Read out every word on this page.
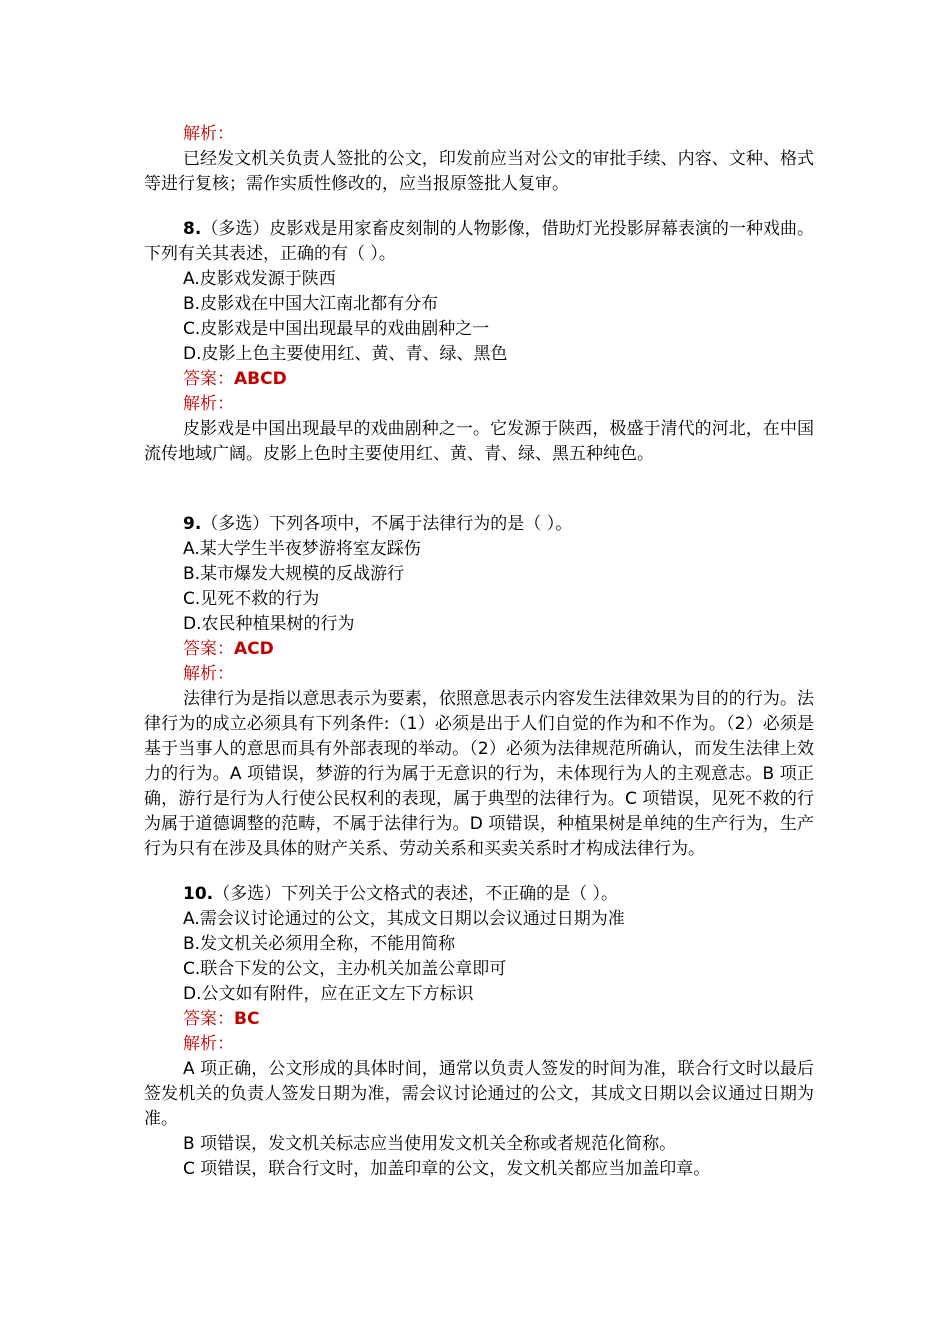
解析：
已经发文机关负责人签批的公文，印发前应当对公文的审批手续、内容、文种、格式等进行复核；需作实质性修改的，应当报原签批人复审。
8.（多选）皮影戏是用家畜皮刻制的人物影像，借助灯光投影屏幕表演的一种戏曲。下列有关其表述，正确的有（ ）。
A.皮影戏发源于陕西
B.皮影戏在中国大江南北都有分布
C.皮影戏是中国出现最早的戏曲剧种之一
D.皮影上色主要使用红、黄、青、绿、黑色
答案：ABCD
解析：
皮影戏是中国出现最早的戏曲剧种之一。它发源于陕西，极盛于清代的河北，在中国流传地域广阔。皮影上色时主要使用红、黄、青、绿、黑五种纯色。
9.（多选）下列各项中，不属于法律行为的是（ ）。
A.某大学生半夜梦游将室友踩伤
B.某市爆发大规模的反战游行
C.见死不救的行为
D.农民种植果树的行为
答案：ACD
解析：
法律行为是指以意思表示为要素，依照意思表示内容发生法律效果为目的的行为。法律行为的成立必须具有下列条件:（1）必须是出于人们自觉的作为和不作为。（2）必须是基于当事人的意思而具有外部表现的举动。（2）必须为法律规范所确认，而发生法律上效力的行为。A 项错误，梦游的行为属于无意识的行为，未体现行为人的主观意志。B 项正确，游行是行为人行使公民权利的表现，属于典型的法律行为。C 项错误，见死不救的行为属于道德调整的范畴，不属于法律行为。D 项错误，种植果树是单纯的生产行为，生产行为只有在涉及具体的财产关系、劳动关系和买卖关系时才构成法律行为。
10.（多选）下列关于公文格式的表述，不正确的是（ ）。
A.需会议讨论通过的公文，其成文日期以会议通过日期为准
B.发文机关必须用全称，不能用简称
C.联合下发的公文，主办机关加盖公章即可
D.公文如有附件，应在正文左下方标识
答案：BC
解析：
A 项正确，公文形成的具体时间，通常以负责人签发的时间为准，联合行文时以最后签发机关的负责人签发日期为准，需会议讨论通过的公文，其成文日期以会议通过日期为准。
B 项错误，发文机关标志应当使用发文机关全称或者规范化简称。
C 项错误，联合行文时，加盖印章的公文，发文机关都应当加盖印章。
